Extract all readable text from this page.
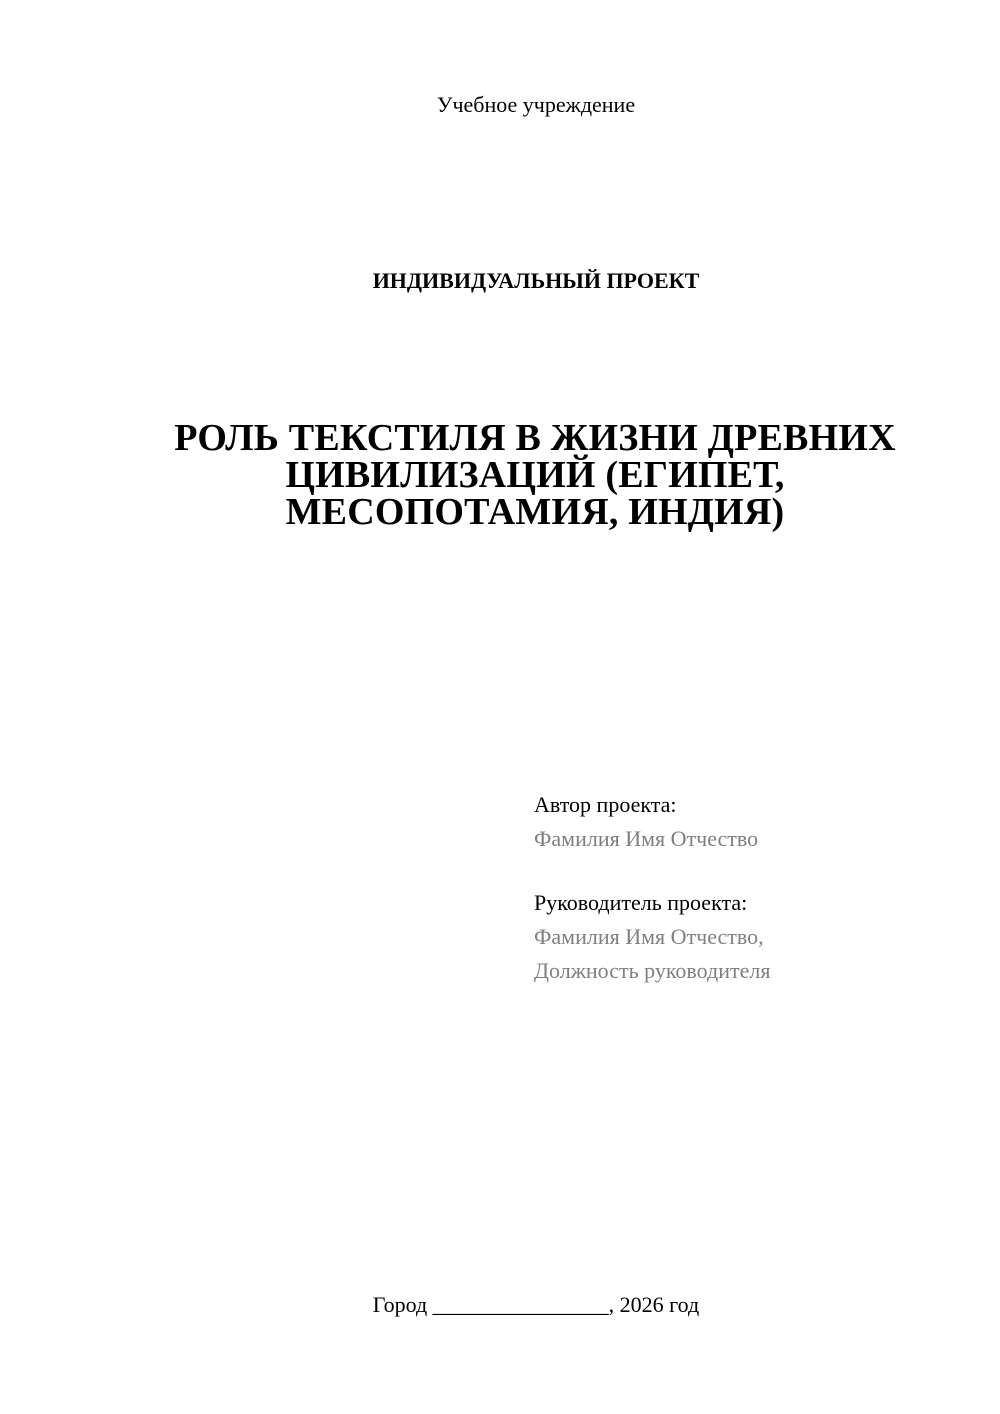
Учебное учреждение
ИНДИВИДУАЛЬНЫЙ ПРОЕКТ
РОЛЬ ТЕКСТИЛЯ В ЖИЗНИ ДРЕВНИХ
ЦИВИЛИЗАЦИЙ (ЕГИПЕТ,
МЕСОПОТАМИЯ, ИНДИЯ)
Автор проекта:
Фамилия Имя Отчество
Руководитель проекта:
Фамилия Имя Отчество,
Должность руководителя
Город ________________, 2026 год
